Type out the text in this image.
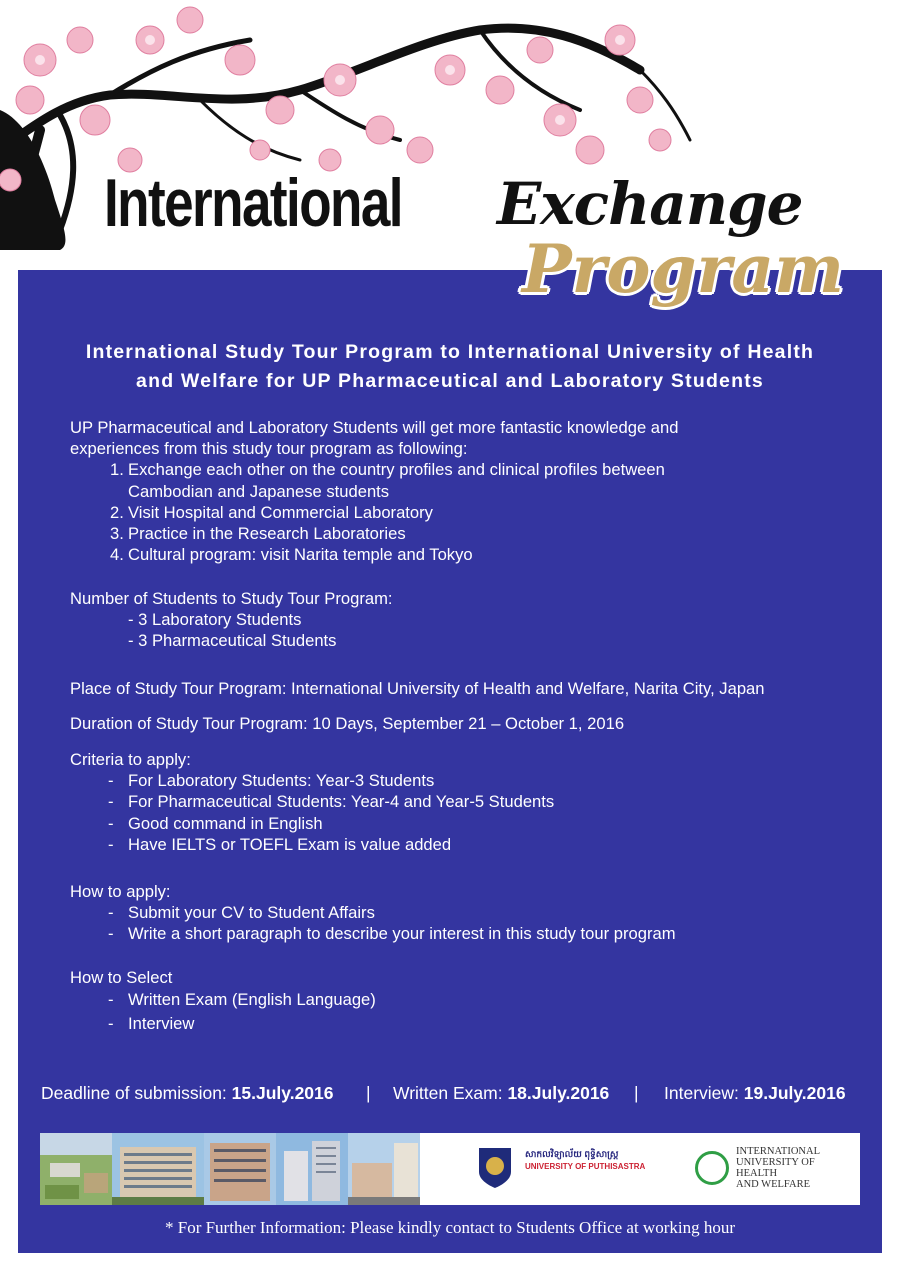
International Exchange
Program
International Study Tour Program to International University of Health
and Welfare for UP Pharmaceutical and Laboratory Students
UP Pharmaceutical and Laboratory Students will get more fantastic knowledge and
experiences from this study tour program as following:
1. Exchange each other on the country profiles and clinical profiles between
Cambodian and Japanese students
2. Visit Hospital and Commercial Laboratory
3. Practice in the Research Laboratories
4. Cultural program: visit Narita temple and Tokyo
Number of Students to Study Tour Program:
- 3 Laboratory Students
- 3 Pharmaceutical Students
Place of Study Tour Program: International University of Health and Welfare, Narita City, Japan
Duration of Study Tour Program: 10 Days, September 21 – October 1, 2016
Criteria to apply:
- For Laboratory Students: Year-3 Students
- For Pharmaceutical Students: Year-4 and Year-5 Students
- Good command in English
- Have IELTS or TOEFL Exam is value added
How to apply:
- Submit your CV to Student Affairs
- Write a short paragraph to describe your interest in this study tour program
How to Select
- Written Exam (English Language)
- Interview
Deadline of submission: 15.July.2016 | Written Exam: 18.July.2016 | Interview: 19.July.2016
សាកលវិទ្យាល័យ ពុទ្ធិសាស្រ្ត
UNIVERSITY OF PUTHISASTRA
INTERNATIONAL
UNIVERSITY OF
HEALTH
AND WELFARE
* For Further Information: Please kindly contact to Students Office at working hour
